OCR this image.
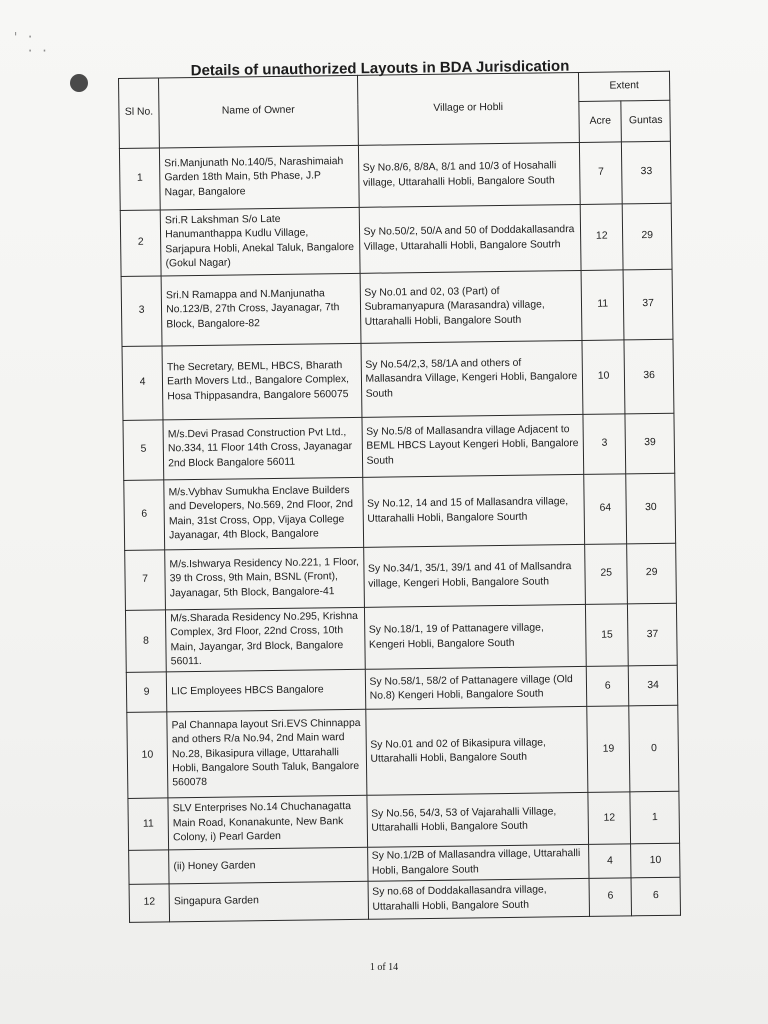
' ·
· ·
Details of unauthorized Layouts in BDA Jurisdication
Sl No.	Name of Owner	Village or Hobli	Extent	
			Acre	Guntas
1	Sri.Manjunath No.140/5, Narashimaiah Garden 18th Main, 5th Phase, J.P Nagar, Bangalore	Sy No.8/6, 8/8A, 8/1 and 10/3 of Hosahalli village, Uttarahalli Hobli, Bangalore South	7	33
2	Sri.R Lakshman S/o Late Hanumanthappa Kudlu Village, Sarjapura Hobli, Anekal Taluk, Bangalore (Gokul Nagar)	Sy No.50/2, 50/A and 50 of Doddakallasandra Village, Uttarahalli Hobli, Bangalore Soutrh	12	29
3	Sri.N Ramappa and N.Manjunatha No.123/B, 27th Cross, Jayanagar, 7th Block, Bangalore-82	Sy No.01 and 02, 03 (Part) of Subramanyapura (Marasandra) village, Uttarahalli Hobli, Bangalore South	11	37
4	The Secretary, BEML, HBCS, Bharath Earth Movers Ltd., Bangalore Complex, Hosa Thippasandra, Bangalore 560075	Sy No.54/2,3, 58/1A and others of Mallasandra Village, Kengeri Hobli, Bangalore South	10	36
5	M/s.Devi Prasad Construction Pvt Ltd., No.334, 11 Floor 14th Cross, Jayanagar 2nd Block Bangalore 56011	Sy No.5/8 of Mallasandra village Adjacent to BEML HBCS Layout Kengeri Hobli, Bangalore South	3	39
6	M/s.Vybhav Sumukha Enclave Builders and Developers, No.569, 2nd Floor, 2nd Main, 31st Cross, Opp, Vijaya College Jayanagar, 4th Block, Bangalore	Sy No.12, 14 and 15 of Mallasandra village, Uttarahalli Hobli, Bangalore Sourth	64	30
7	M/s.Ishwarya Residency No.221, 1 Floor, 39 th Cross, 9th Main, BSNL (Front), Jayanagar, 5th Block, Bangalore-41	Sy No.34/1, 35/1, 39/1 and 41 of Mallsandra village, Kengeri Hobli, Bangalore South	25	29
8	M/s.Sharada Residency No.295, Krishna Complex, 3rd Floor, 22nd Cross, 10th Main, Jayangar, 3rd Block, Bangalore 56011.	Sy No.18/1, 19 of Pattanagere village, Kengeri Hobli, Bangalore South	15	37
9	LIC Employees HBCS Bangalore	Sy No.58/1, 58/2 of Pattanagere village (Old No.8) Kengeri Hobli, Bangalore South	6	34
10	Pal Channapa layout Sri.EVS Chinnappa and others R/a No.94, 2nd Main ward No.28, Bikasipura village, Uttarahalli Hobli, Bangalore South Taluk, Bangalore 560078	Sy No.01 and 02 of Bikasipura village, Uttarahalli Hobli, Bangalore South	19	0
11	SLV Enterprises No.14 Chuchanagatta Main Road, Konanakunte, New Bank Colony, i) Pearl Garden	Sy No.56, 54/3, 53 of Vajarahalli Village, Uttarahalli Hobli, Bangalore South	12	1
	(ii) Honey Garden	Sy No.1/2B of Mallasandra village, Uttarahalli Hobli, Bangalore South	4	10
12	Singapura Garden	Sy no.68 of Doddakallasandra village, Uttarahalli Hobli, Bangalore South	6	6
1 of 14
